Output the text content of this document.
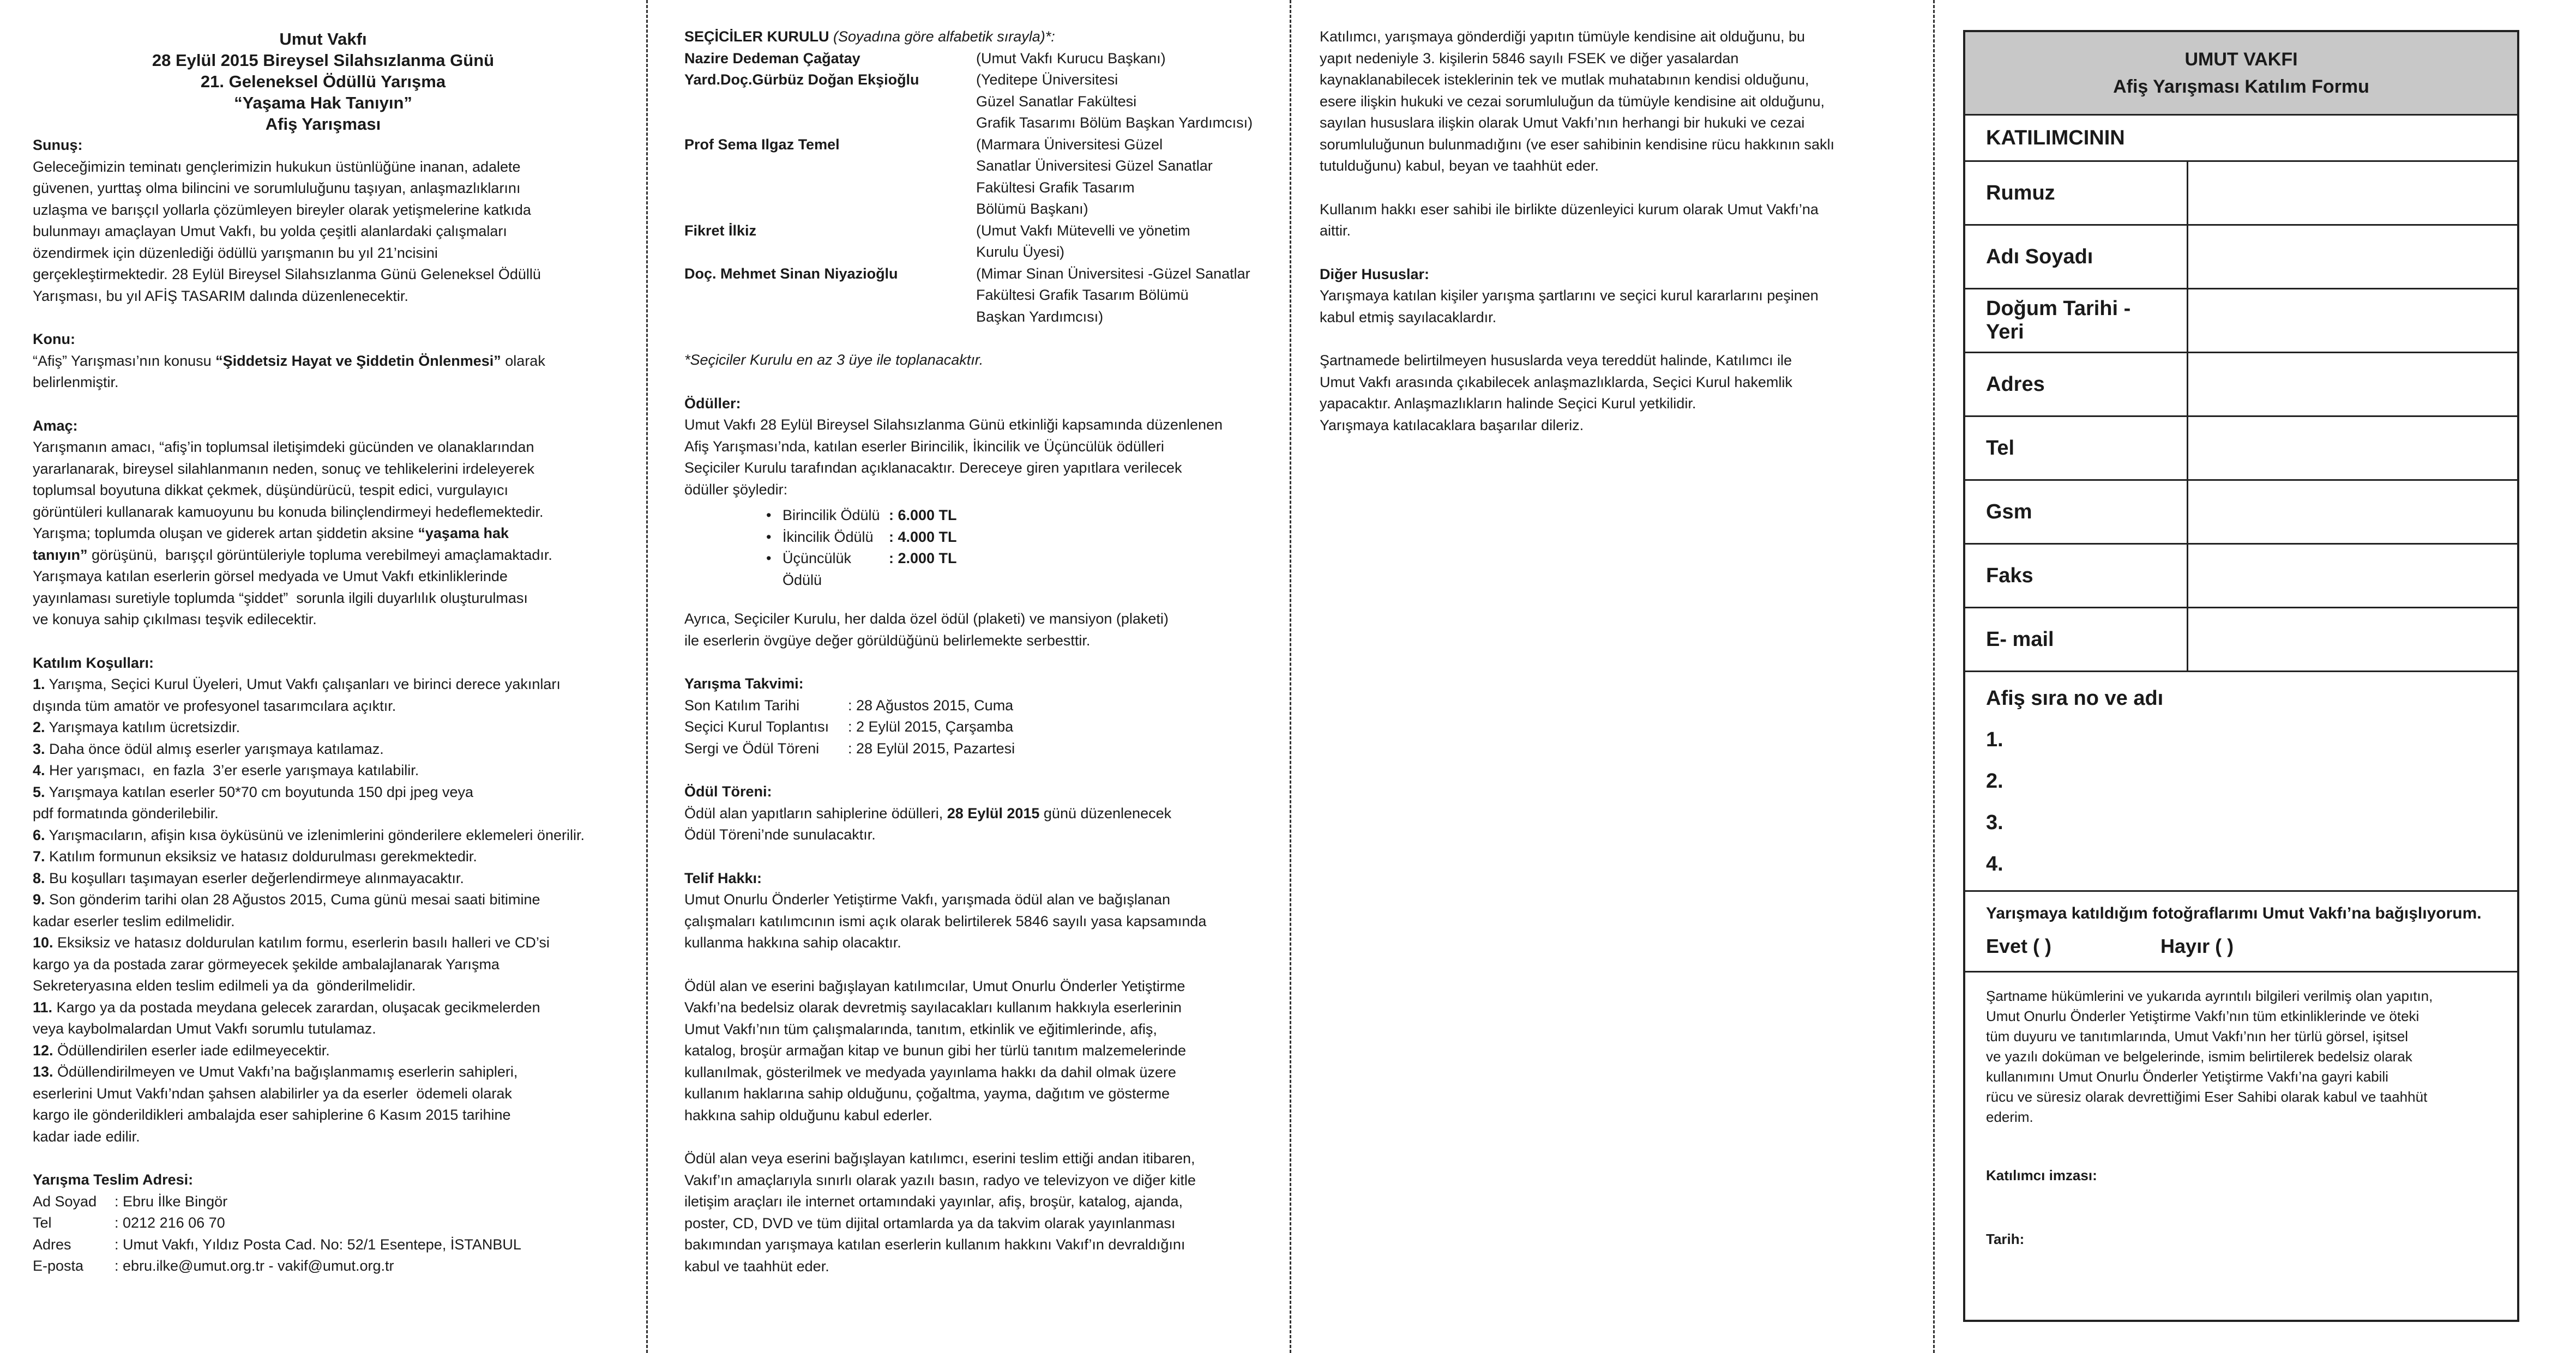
Umut Vakfı
28 Eylül 2015 Bireysel Silahsızlanma Günü
21. Geleneksel Ödüllü Yarışma
“Yaşama Hak Tanıyın”
Afiş Yarışması
Sunuş:

Geleceğimizin teminatı gençlerimizin hukukun üstünlüğüne inanan, adalete
güvenen, yurttaş olma bilincini ve sorumluluğunu taşıyan, anlaşmazlıklarını
uzlaşma ve barışçıl yollarla çözümleyen bireyler olarak yetişmelerine katkıda
bulunmayı amaçlayan Umut Vakfı, bu yolda çeşitli alanlardaki çalışmaları
özendirmek için düzenlediği ödüllü yarışmanın bu yıl 21’ncisini
gerçekleştirmektedir. 28 Eylül Bireysel Silahsızlanma Günü Geleneksel Ödüllü
Yarışması, bu yıl AFİŞ TASARIM dalında düzenlenecektir.

Konu:

“Afiş” Yarışması’nın konusu “Şiddetsiz Hayat ve Şiddetin Önlenmesi” olarak
belirlenmiştir.

Amaç:

Yarışmanın amacı, “afiş’in toplumsal iletişimdeki gücünden ve olanaklarından
yararlanarak, bireysel silahlanmanın neden, sonuç ve tehlikelerini irdeleyerek
toplumsal boyutuna dikkat çekmek, düşündürücü, tespit edici, vurgulayıcı
görüntüleri kullanarak kamuoyunu bu konuda bilinçlendirmeyi hedeflemektedir.
Yarışma; toplumda oluşan ve giderek artan şiddetin aksine “yaşama hak
tanıyın” görüşünü,  barışçıl görüntüleriyle topluma verebilmeyi amaçlamaktadır.
Yarışmaya katılan eserlerin görsel medyada ve Umut Vakfı etkinliklerinde
yayınlaması suretiyle toplumda “şiddet”  sorunla ilgili duyarlılık oluşturulması
ve konuya sahip çıkılması teşvik edilecektir.

Katılım Koşulları:
1. Yarışma, Seçici Kurul Üyeleri, Umut Vakfı çalışanları ve birinci derece yakınları
dışında tüm amatör ve profesyonel tasarımcılara açıktır.
2. Yarışmaya katılım ücretsizdir.
3. Daha önce ödül almış eserler yarışmaya katılamaz.
4. Her yarışmacı,  en fazla  3’er eserle yarışmaya katılabilir.
5. Yarışmaya katılan eserler 50*70 cm boyutunda 150 dpi jpeg veya
pdf formatında gönderilebilir.
6. Yarışmacıların, afişin kısa öyküsünü ve izlenimlerini gönderilere eklemeleri önerilir.
7. Katılım formunun eksiksiz ve hatasız doldurulması gerekmektedir.
8. Bu koşulları taşımayan eserler değerlendirmeye alınmayacaktır.
9. Son gönderim tarihi olan 28 Ağustos 2015, Cuma günü mesai saati bitimine
kadar eserler teslim edilmelidir.
10. Eksiksiz ve hatasız doldurulan katılım formu, eserlerin basılı halleri ve CD’si
kargo ya da postada zarar görmeyecek şekilde ambalajlanarak Yarışma
Sekreteryasına elden teslim edilmeli ya da  gönderilmelidir.
11. Kargo ya da postada meydana gelecek zarardan, oluşacak gecikmelerden
veya kaybolmalardan Umut Vakfı sorumlu tutulamaz.
12. Ödüllendirilen eserler iade edilmeyecektir.
13. Ödüllendirilmeyen ve Umut Vakfı’na bağışlanmamış eserlerin sahipleri,
eserlerini Umut Vakfı’ndan şahsen alabilirler ya da eserler  ödemeli olarak
kargo ile gönderildikleri ambalajda eser sahiplerine 6 Kasım 2015 tarihine
kadar iade edilir.
Yarışma Teslim Adresi:
Ad Soyad	: Ebru İlke Bingör
Tel	: 0212 216 06 70
Adres	: Umut Vakfı, Yıldız Posta Cad. No: 52/1 Esentepe, İSTANBUL
E-posta	: ebru.ilke@umut.org.tr - vakif@umut.org.tr
SEÇİCİLER KURULU (Soyadına göre alfabetik sırayla)*:
Nazire Dedeman Çağatay	(Umut Vakfı Kurucu Başkanı)
Yard.Doç.Gürbüz Doğan Ekşioğlu	(Yeditepe Üniversitesi
Güzel Sanatlar Fakültesi
Grafik Tasarımı Bölüm Başkan Yardımcısı)
Prof Sema Ilgaz Temel	(Marmara Üniversitesi Güzel
Sanatlar Üniversitesi Güzel Sanatlar
Fakültesi Grafik Tasarım
Bölümü Başkanı)
Fikret İlkiz	(Umut Vakfı Mütevelli ve yönetim
Kurulu Üyesi)
Doç. Mehmet Sinan Niyazioğlu	(Mimar Sinan Üniversitesi -Güzel Sanatlar
Fakültesi Grafik Tasarım Bölümü
Başkan Yardımcısı)
*Seçiciler Kurulu en az 3 üye ile toplanacaktır.
Ödüller:

Umut Vakfı 28 Eylül Bireysel Silahsızlanma Günü etkinliği kapsamında düzenlenen
Afiş Yarışması’nda, katılan eserler Birincilik, İkincilik ve Üçüncülük ödülleri
Seçiciler Kurulu tarafından açıklanacaktır. Dereceye giren yapıtlara verilecek
ödüller şöyledir:

• Birincilik Ödülü : 6.000 TL
• İkincilik Ödülü	: 4.000 TL
• Üçüncülük Ödülü
: 2.000 TL

Ayrıca, Seçiciler Kurulu, her dalda özel ödül (plaketi) ve mansiyon (plaketi)
ile eserlerin övgüye değer görüldüğünü belirlemekte serbesttir.

Yarışma Takvimi:
Son Katılım Tarihi	: 28 Ağustos 2015, Cuma
Seçici Kurul Toplantısı	: 2 Eylül 2015, Çarşamba
Sergi ve Ödül Töreni	: 28 Eylül 2015, Pazartesi
Ödül Töreni:

Ödül alan yapıtların sahiplerine ödülleri, 28 Eylül 2015 günü düzenlenecek
Ödül Töreni’nde sunulacaktır.

Telif Hakkı:

Umut Onurlu Önderler Yetiştirme Vakfı, yarışmada ödül alan ve bağışlanan
çalışmaları katılımcının ismi açık olarak belirtilerek 5846 sayılı yasa kapsamında
kullanma hakkına sahip olacaktır.

Ödül alan ve eserini bağışlayan katılımcılar, Umut Onurlu Önderler Yetiştirme
Vakfı’na bedelsiz olarak devretmiş sayılacakları kullanım hakkıyla eserlerinin
Umut Vakfı’nın tüm çalışmalarında, tanıtım, etkinlik ve eğitimlerinde, afiş,
katalog, broşür armağan kitap ve bunun gibi her türlü tanıtım malzemelerinde
kullanılmak, gösterilmek ve medyada yayınlama hakkı da dahil olmak üzere
kullanım haklarına sahip olduğunu, çoğaltma, yayma, dağıtım ve gösterme
hakkına sahip olduğunu kabul ederler.

Ödül alan veya eserini bağışlayan katılımcı, eserini teslim ettiği andan itibaren,
Vakıf’ın amaçlarıyla sınırlı olarak yazılı basın, radyo ve televizyon ve diğer kitle
iletişim araçları ile internet ortamındaki yayınlar, afiş, broşür, katalog, ajanda,
poster, CD, DVD ve tüm dijital ortamlarda ya da takvim olarak yayınlanması
bakımından yarışmaya katılan eserlerin kullanım hakkını Vakıf’ın devraldığını
kabul ve taahhüt eder.

Katılımcı, yarışmaya gönderdiği yapıtın tümüyle kendisine ait olduğunu, bu
yapıt nedeniyle 3. kişilerin 5846 sayılı FSEK ve diğer yasalardan
kaynaklanabilecek isteklerinin tek ve mutlak muhatabının kendisi olduğunu,
esere ilişkin hukuki ve cezai sorumluluğun da tümüyle kendisine ait olduğunu,
sayılan hususlara ilişkin olarak Umut Vakfı’nın herhangi bir hukuki ve cezai
sorumluluğunun bulunmadığını (ve eser sahibinin kendisine rücu hakkının saklı
tutulduğunu) kabul, beyan ve taahhüt eder.

Kullanım hakkı eser sahibi ile birlikte düzenleyici kurum olarak Umut Vakfı’na
aittir.

Diğer Hususlar:

Yarışmaya katılan kişiler yarışma şartlarını ve seçici kurul kararlarını peşinen
kabul etmiş sayılacaklardır.

Şartnamede belirtilmeyen hususlarda veya tereddüt halinde, Katılımcı ile
Umut Vakfı arasında çıkabilecek anlaşmazlıklarda, Seçici Kurul hakemlik
yapacaktır. Anlaşmazlıkların halinde Seçici Kurul yetkilidir.
Yarışmaya katılacaklara başarılar dileriz.

UMUT VAKFI
Afiş Yarışması Katılım Formu
KATILIMCININ
Rumuz	
Adı Soyadı	
Doğum Tarihi - Yeri	
Adres	
Tel	
Gsm	
Faks	
E- mail	
Afiş sıra no ve adı
1.
2.
3.
4.
Yarışmaya katıldığım fotoğraflarımı Umut Vakfı’na bağışlıyorum.
Evet ( )	Hayır ( )

Şartname hükümlerini ve yukarıda ayrıntılı bilgileri verilmiş olan yapıtın,
Umut Onurlu Önderler Yetiştirme Vakfı’nın tüm etkinliklerinde ve öteki
tüm duyuru ve tanıtımlarında, Umut Vakfı’nın her türlü görsel, işitsel
ve yazılı doküman ve belgelerinde, ismim belirtilerek bedelsiz olarak
kullanımını Umut Onurlu Önderler Yetiştirme Vakfı’na gayri kabili
rücu ve süresiz olarak devrettiğimi Eser Sahibi olarak kabul ve taahhüt
ederim.

Katılımcı imzası:
Tarih:
